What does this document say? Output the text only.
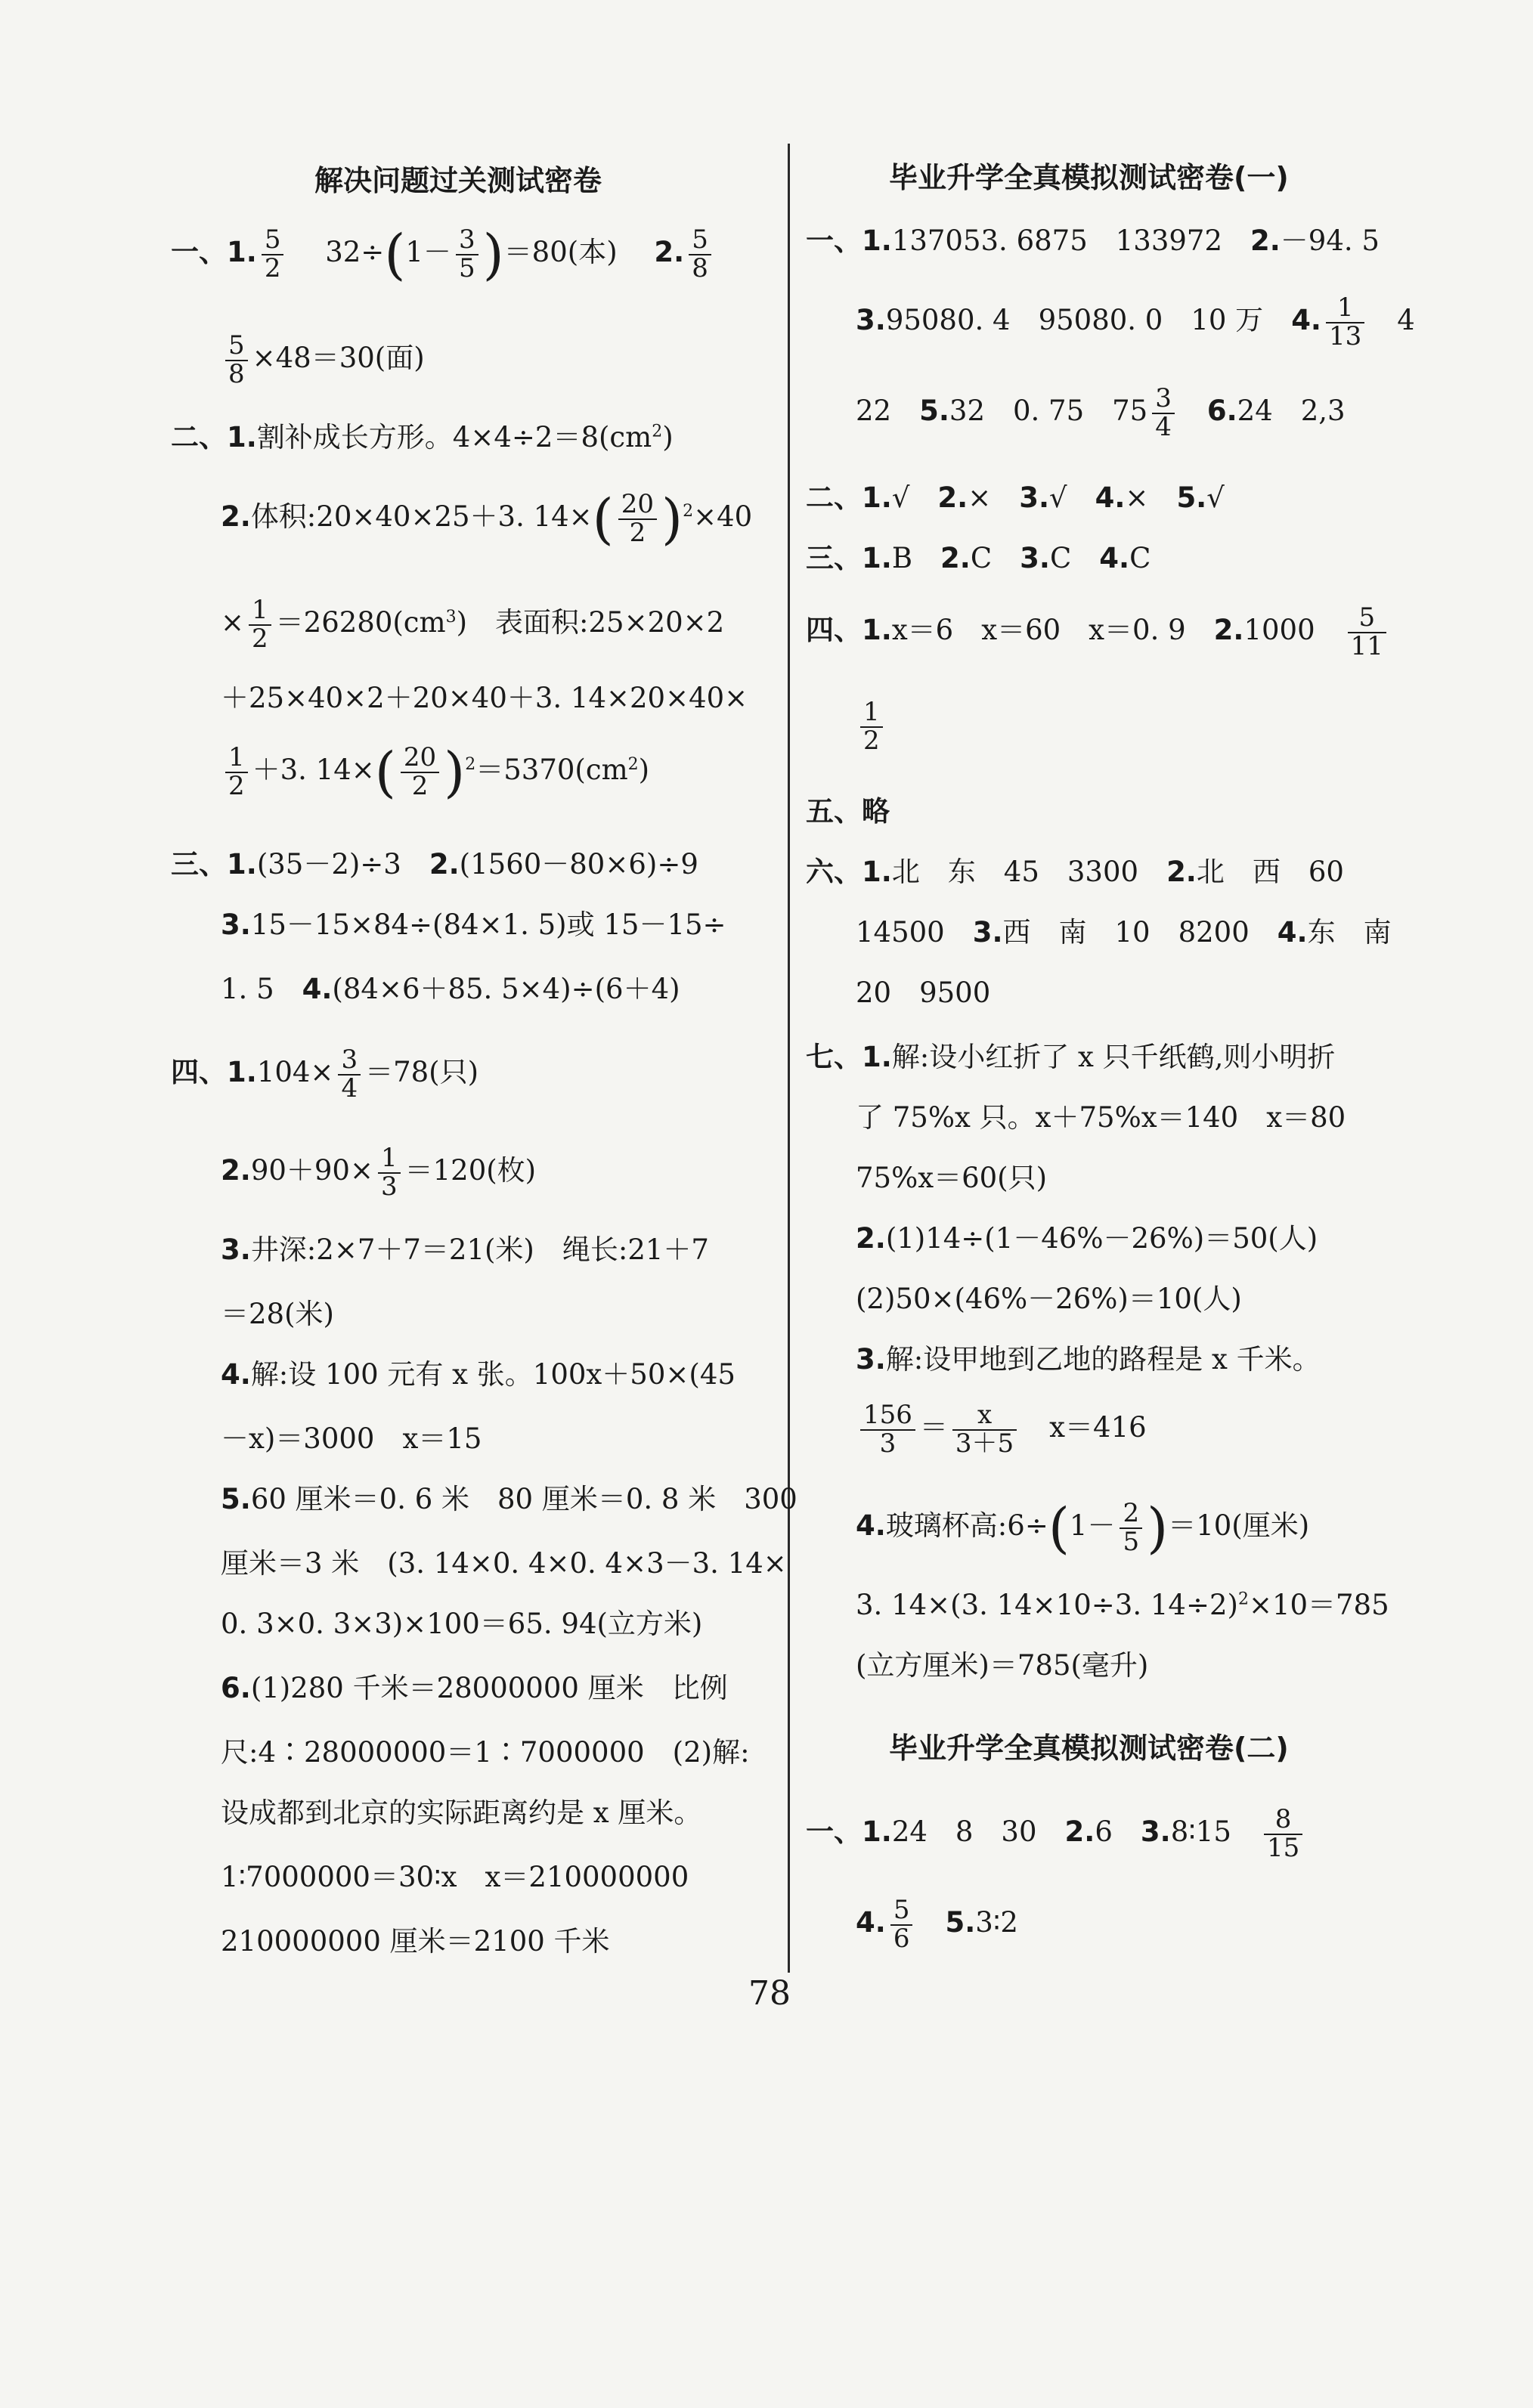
解决问题过关测试密卷
一、1. $\frac{5}{2}$
　 $32\div(1- \frac{3}{5} )=80$(本) 　 2. $\frac{5}{8}$
$\frac{5}{8} \times 48=30$(面)
二、1.割补成长方形。$4\times 4\div 2=8(cm^2)$
2.体积:20×40×25＋3. $14\times( \frac{20}{2} )^2\times 40$
× $\frac{1}{2} =26280(cm^3)$　表面积:25×20×2
＋25×40×2＋20×40＋3. 14×20×40×
$\frac{1}{2} +3$. $14\times( \frac{20}{2} )^2=5370(cm^2)$
三、1.(35－2)÷3　 2.(1560－80×6)÷9
3.15－15×84÷(84×1. 5)或 15－15÷
1. 5　 4.(84×6＋85. 5×4)÷(6＋4)
四、$1.104\times \frac{3}{4} =78$(只)
$2.90+90\times \frac{1}{3} =120$(枚)
3.井深:2×7＋7＝21(米)　绳长:21＋7
＝28(米)
4.解:设 100 元有 x 张。100x＋50×(45
－x)＝3000　x＝15
5.60 厘米＝0. 6 米　80 厘米＝0. 8 米　300
厘米＝3 米　(3. 14×0. 4×0. 4×3－3. 14×
0. 3×0. 3×3)×100＝65. 94(立方米)
6.(1)280 千米＝28000000 厘米　比例
尺:4∶28000000＝1∶7000000　(2)解:
设成都到北京的实际距离约是 x 厘米。
1∶7000000＝30∶x　x＝210000000
210000000 厘米＝2100 千米
毕业升学全真模拟测试密卷(一)
一、1.137053. 6875　133972　 2.－94. 5
3.95080. 4　95080. 0　10 万　 4. $\frac{1}{13}$
　 4
22　 5.32　0. 75　$75 \frac{3}{4}$
　 6.24　2,3
二、1.√　 2.×　 3.√　 4.×　 5.√
三、1.B　 2.C　 3.C　 4.C
四、1.x＝6　x＝60　x＝0. 9　 2.1000　 $\frac{5}{11}$
$\frac{1}{2}$
五、略
六、1.北　东　45　3300　 2.北　西　60
14500　 3.西　南　10　8200　 4.东　南
20　9500
七、1.解:设小红折了 x 只千纸鹤,则小明折
了 75%x 只。x＋75%x＝140　x＝80
75%x＝60(只)
2.(1)14÷(1－46%－26%)＝50(人)
(2)50×(46%－26%)＝10(人)
3.解:设甲地到乙地的路程是 x 千米。
$\frac{156}{3} = \frac{x}{3+5}$
　 x＝416
4.玻璃杯高:6÷(1－ $\frac{2}{5} )=10$(厘米)
3. 14×(3. 14×10÷3. 14÷2)$^2$×10＝785
(立方厘米)＝785(毫升)
毕业升学全真模拟测试密卷(二)
一、1.24　8　30　 2.6　 3.8∶15　 $\frac{8}{15}$
4. $\frac{5}{6}$
　 5.3∶2
78
